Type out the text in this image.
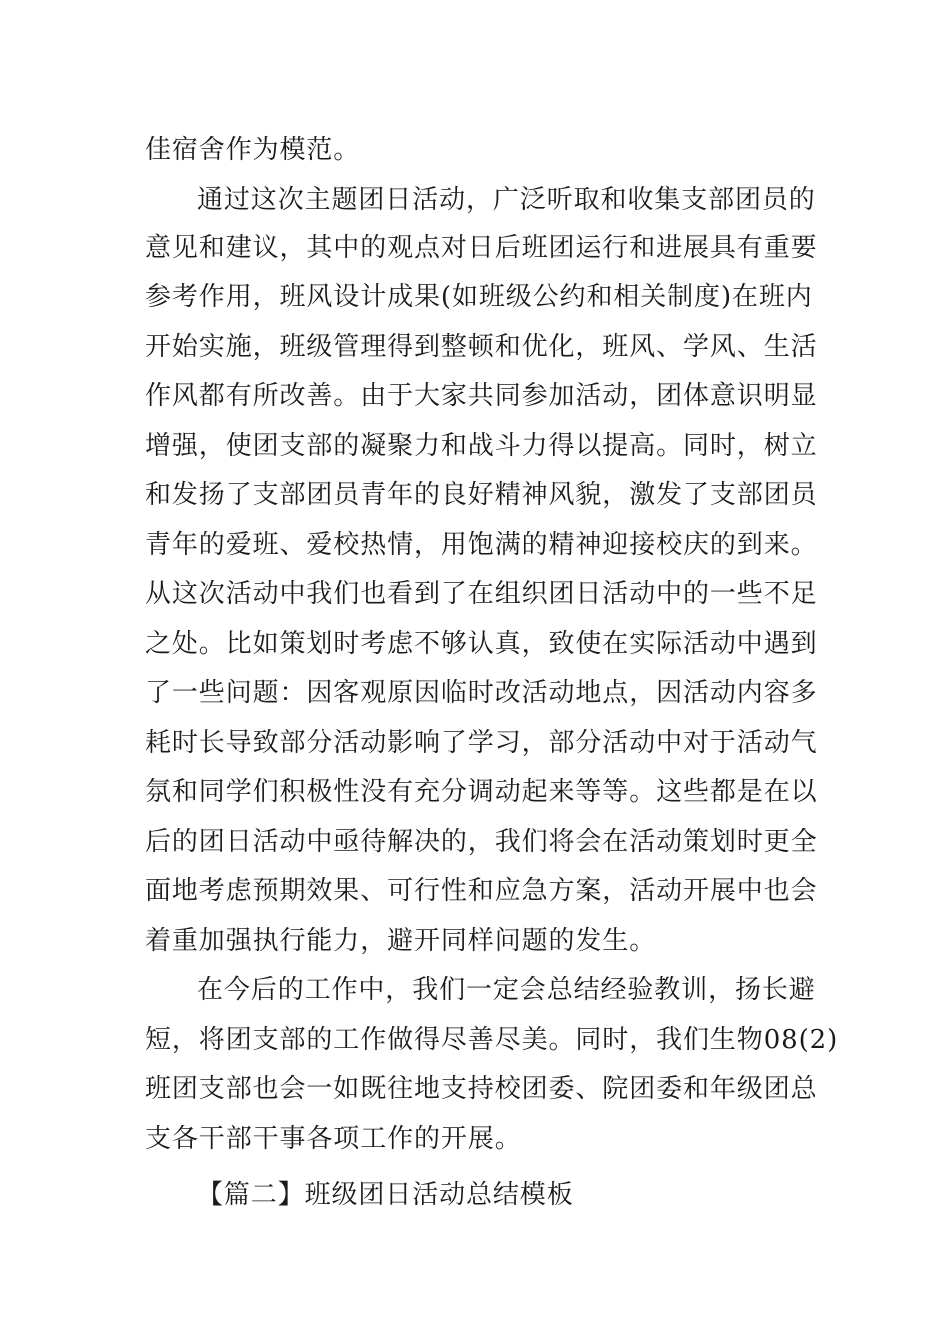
佳宿舍作为模范。

通过这次主题团日活动，广泛听取和收集支部团员的

意见和建议，其中的观点对日后班团运行和进展具有重要

参考作用，班风设计成果(如班级公约和相关制度)在班内

开始实施，班级管理得到整顿和优化，班风、学风、生活

作风都有所改善。由于大家共同参加活动，团体意识明显

增强，使团支部的凝聚力和战斗力得以提高。同时，树立

和发扬了支部团员青年的良好精神风貌，激发了支部团员

青年的爱班、爱校热情，用饱满的精神迎接校庆的到来。

从这次活动中我们也看到了在组织团日活动中的一些不足

之处。比如策划时考虑不够认真，致使在实际活动中遇到

了一些问题：因客观原因临时改活动地点，因活动内容多

耗时长导致部分活动影响了学习，部分活动中对于活动气

氛和同学们积极性没有充分调动起来等等。这些都是在以

后的团日活动中亟待解决的，我们将会在活动策划时更全

面地考虑预期效果、可行性和应急方案，活动开展中也会

着重加强执行能力，避开同样问题的发生。

在今后的工作中，我们一定会总结经验教训，扬长避

短，将团支部的工作做得尽善尽美。同时，我们生物08(2)

班团支部也会一如既往地支持校团委、院团委和年级团总

支各干部干事各项工作的开展。

【篇二】班级团日活动总结模板
